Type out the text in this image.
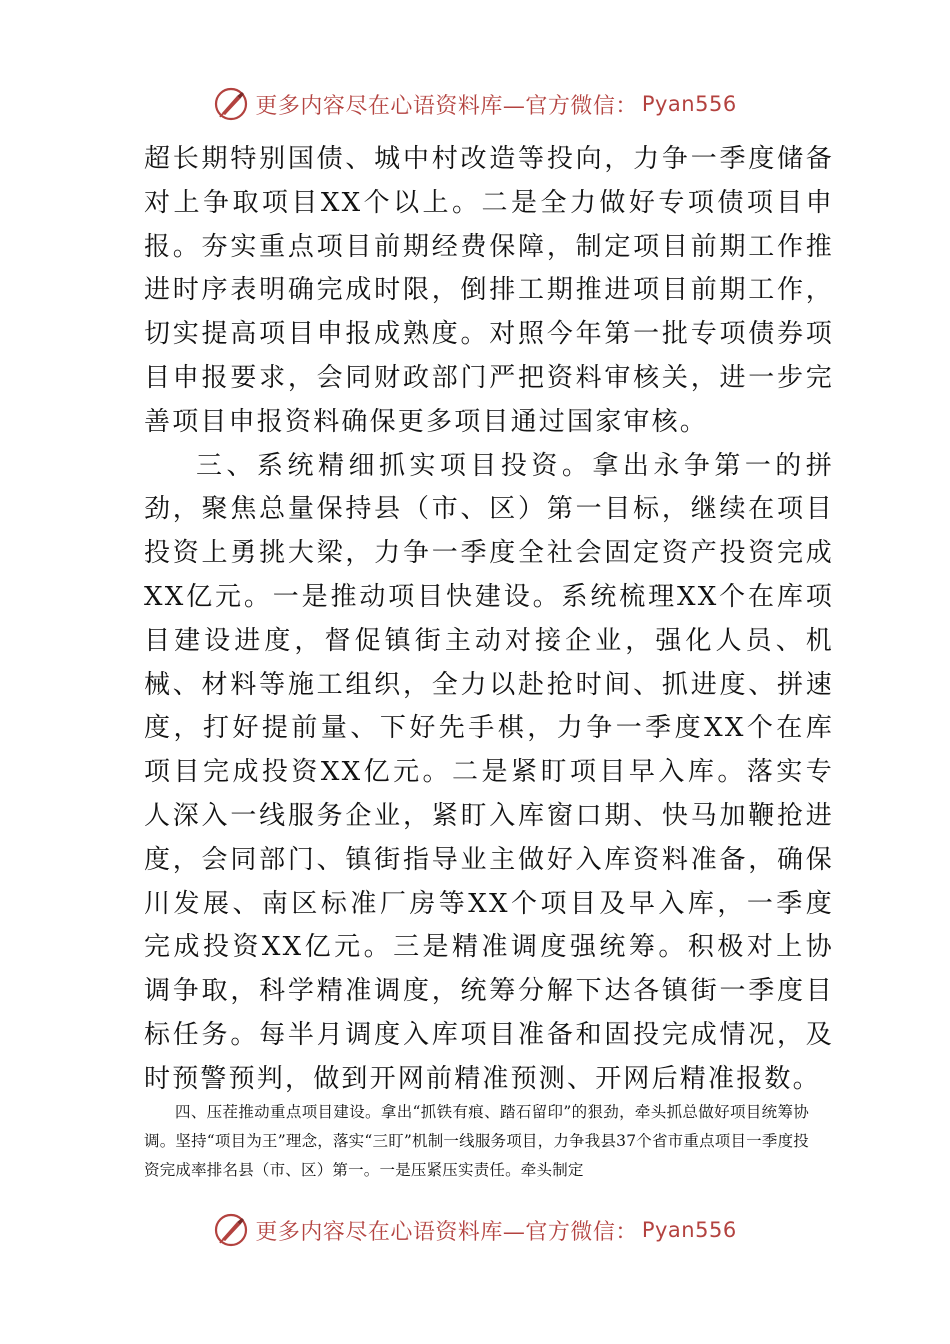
更多内容尽在心语资料库—官方微信： Pyan556

超长期特别国债、城中村改造等投向，力争一季度储备对上争取项目XX个以上。二是全力做好专项债项目申报。夯实重点项目前期经费保障，制定项目前期工作推进时序表明确完成时限，倒排工期推进项目前期工作，切实提高项目申报成熟度。对照今年第一批专项债券项目申报要求，会同财政部门严把资料审核关，进一步完善项目申报资料确保更多项目通过国家审核。

三、系统精细抓实项目投资。拿出永争第一的拼劲，聚焦总量保持县（市、区）第一目标，继续在项目投资上勇挑大梁，力争一季度全社会固定资产投资完成XX亿元。一是推动项目快建设。系统梳理XX个在库项目建设进度，督促镇街主动对接企业，强化人员、机械、材料等施工组织，全力以赴抢时间、抓进度、拼速度，打好提前量、下好先手棋，力争一季度XX个在库项目完成投资XX亿元。二是紧盯项目早入库。落实专人深入一线服务企业，紧盯入库窗口期、快马加鞭抢进度，会同部门、镇街指导业主做好入库资料准备，确保川发展、南区标准厂房等XX个项目及早入库，一季度完成投资XX亿元。三是精准调度强统筹。积极对上协调争取，科学精准调度，统筹分解下达各镇街一季度目标任务。每半月调度入库项目准备和固投完成情况，及时预警预判，做到开网前精准预测、开网后精准报数。

四、压茬推动重点项目建设。拿出“抓铁有痕、踏石留印”的狠劲，牵头抓总做好项目统筹协调。坚持“项目为王”理念，落实“三盯”机制一线服务项目，力争我县37个省市重点项目一季度投资完成率排名县（市、区）第一。一是压紧压实责任。牵头制定

更多内容尽在心语资料库—官方微信： Pyan556
